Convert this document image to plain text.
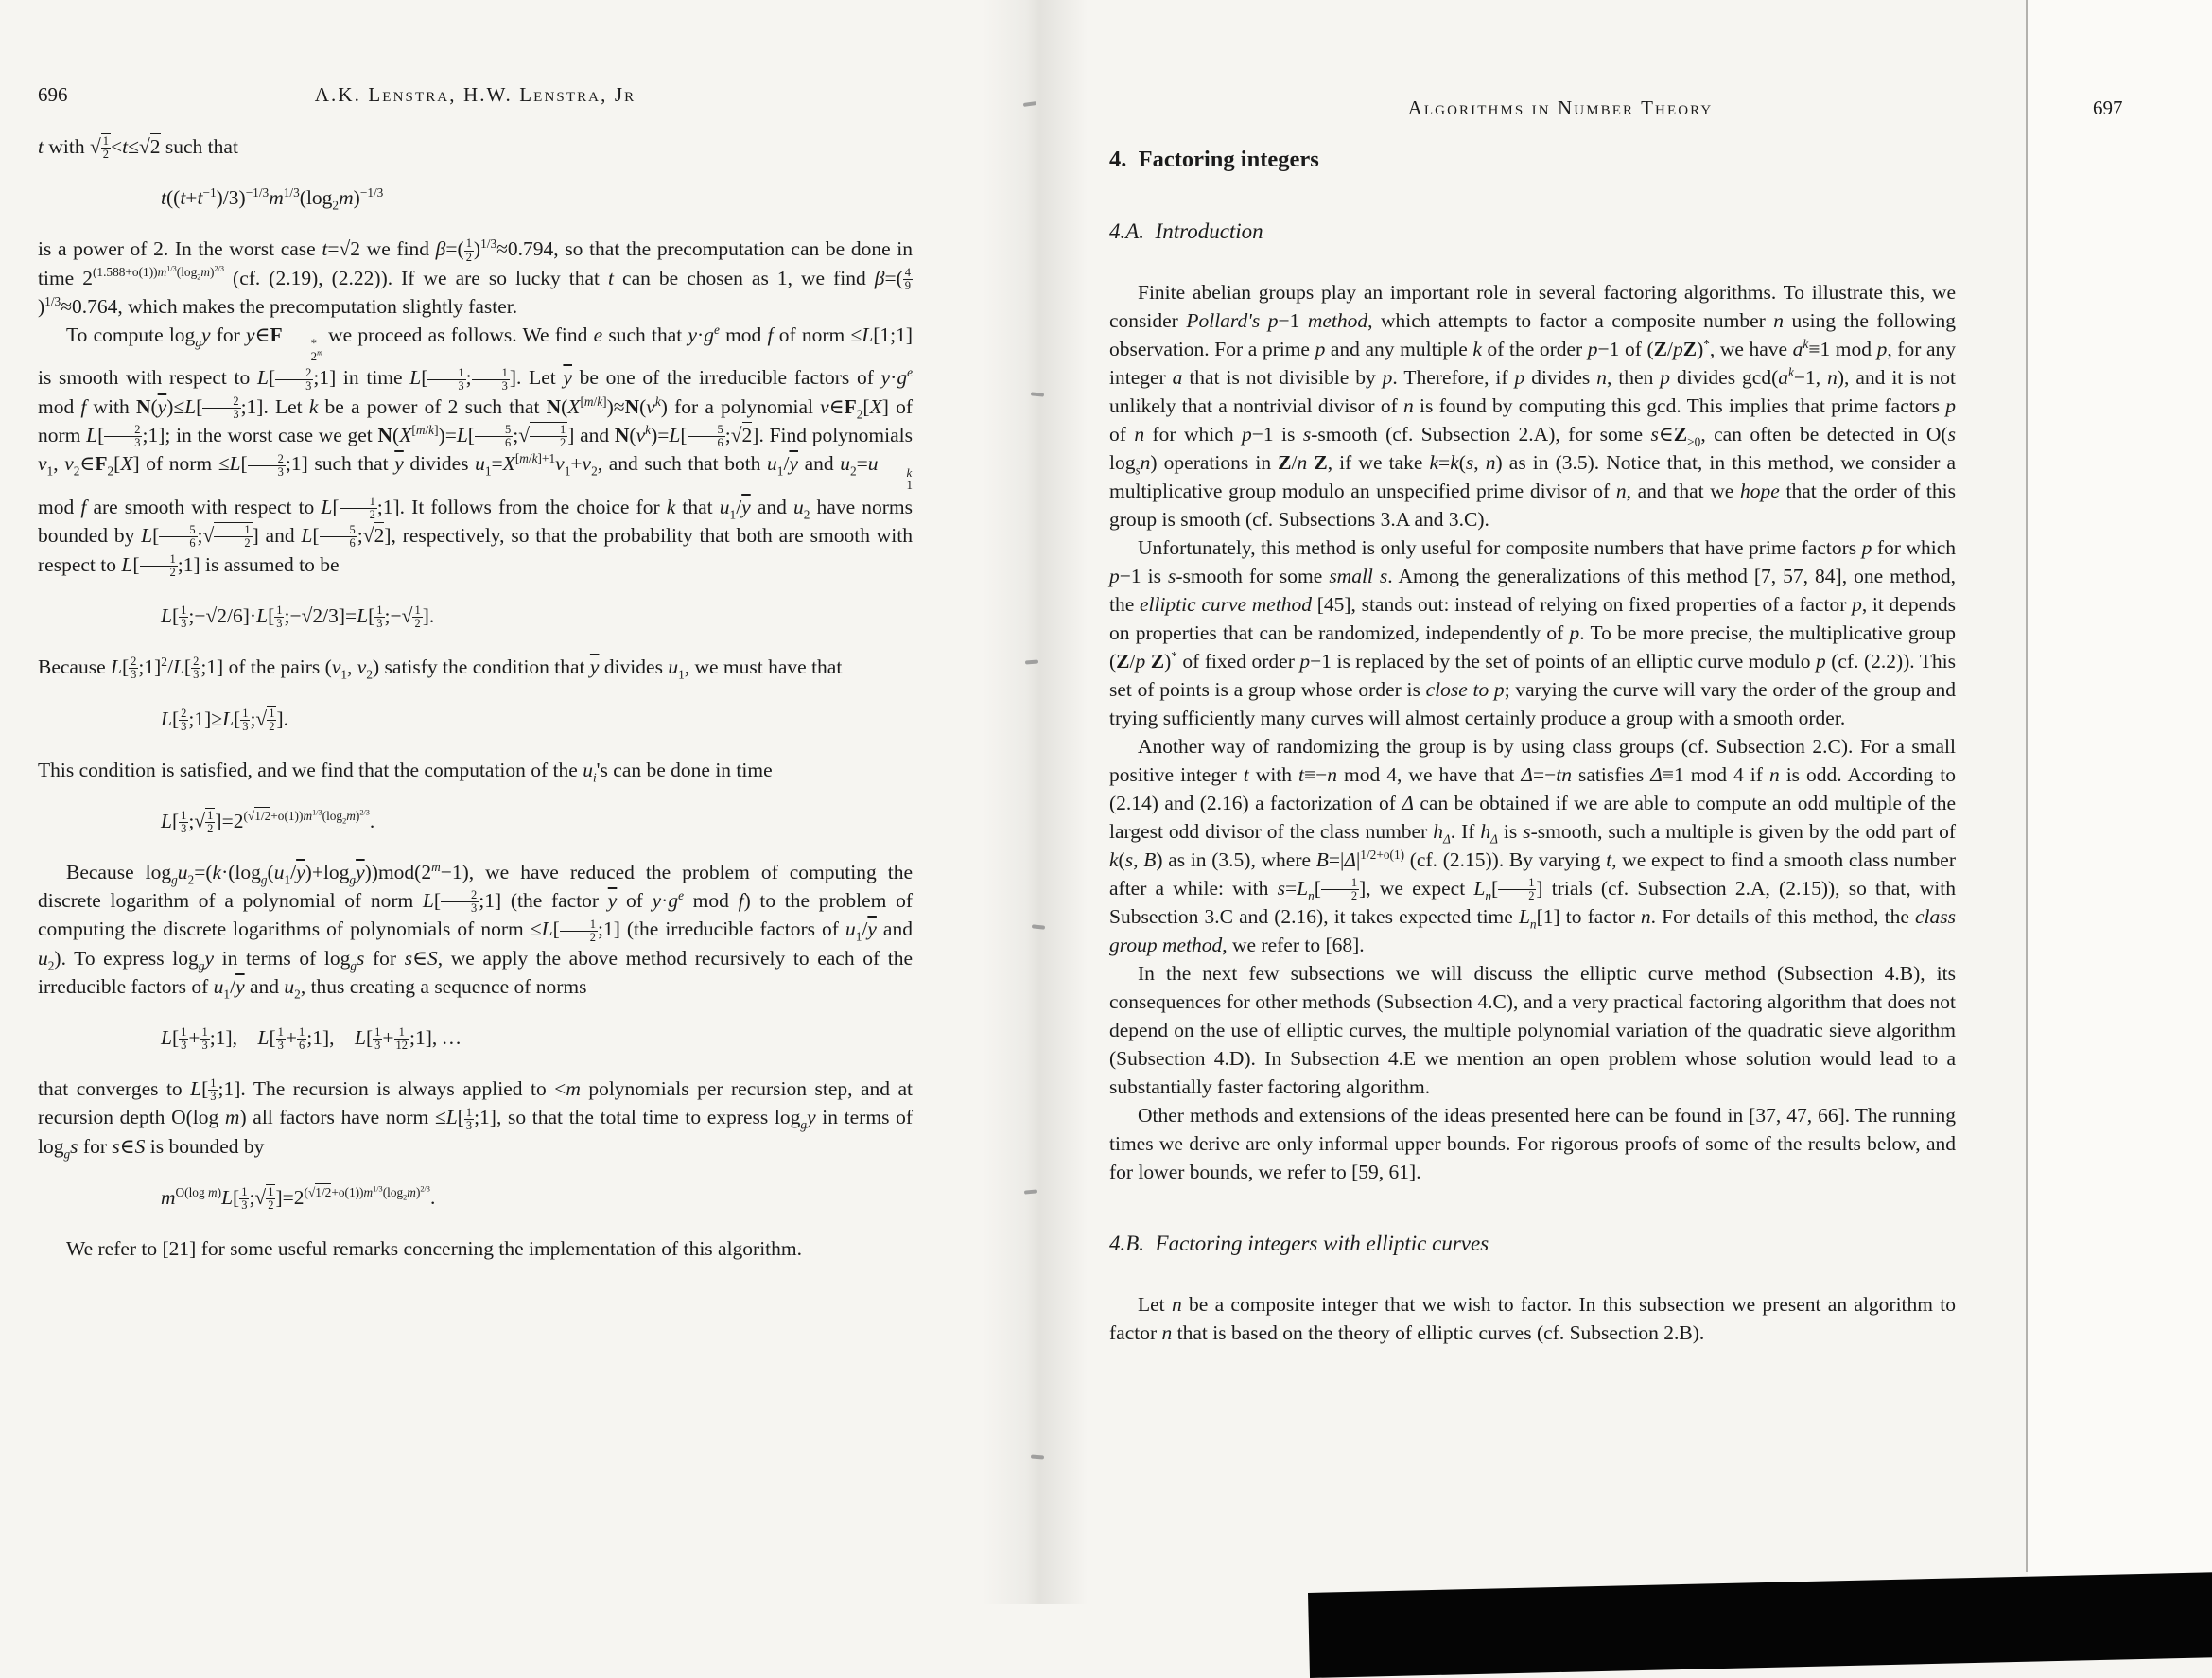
696	A.K. Lenstra, H.W. Lenstra, Jr
t with √ $\frac{1}{2} <t\le√2$ such that
$t((t+t^{-1})/3)^{-1/3}m^{1/3}(\log_2m)^{-1/3}$
is a power of 2. In the worst case t=√2 we find $\beta=( \frac{1}{2} )^{1/3}\approx 0.794$, so that the precomputation can be done in time $2^{(1.588+o(1))m^{1/3}(log_2m)^{2/3}}$ (cf. (2.19), (2.22)). If we are so lucky that t can be chosen as 1, we find $\beta=( \frac{4}{9}$
)$^{1/3}$≈0.764, which makes the precomputation slightly faster.
To compute $\log_gy$ for y∈F	*
2$^m$
we proceed as follows. We find e such that $y\cdot g^e$ mod f of norm ≤L[1;1] is smooth with respect to $L[ \frac{2}{3}$ ;1] in time $L[ \frac{1}{3}$ ; $\frac{1}{3}$ ]. Let $\overline{y}$ be one of the irreducible factors of $y\cdot g^e$ mod f with $N(\overline{y})\le L[ \frac{2}{3}$ ;1]. Let k be a power of 2 such that $N(X[m/k])\approx N(v^k)$ for a polynomial $v\in F_2[X]$ of norm $L[ \frac{2}{3}$ ;1]; in the worst case we get $N(X[m/k])=L[ \frac{5}{6}$ ;√ $\frac{1}{2}$ ] and $N(v^k)=L[ \frac{5}{6}$ ;√2]. Find polynomials $v_1$, $v_2\in F_2[X]$ of norm $\le L[ \frac{2}{3}$ ;1] such that $\overline{y}$ divides $u_1=X^{[m/k]+1}v_1+v_2$, and such that both $u_1/\overline{y}$ and $u_2=u$	k
1
mod f are smooth with respect to $L[ \frac{1}{2}$ ;1]. It follows from the choice for k that $u_1/\overline{y}$ and $u_2$ have norms bounded by $L[ \frac{5}{6}$ ;√ $\frac{1}{2}$ ] and $L[ \frac{5}{6}$ ;√2], respectively, so that the probability that both are smooth with respect to $L[ \frac{1}{2}$ ;1] is assumed to be
$L[ \frac{1}{3}$ ;−√2/6]·L[ $\frac{1}{3}$ ;−√2/3]=L[ $\frac{1}{3}$ ;−√ $\frac{1}{2}$ ].
Because $L[ \frac{2}{3}$ ;1]$^2$/L[ $\frac{2}{3}$ ;1] of the pairs ($v_1$, $v_2$) satisfy the condition that $\overline{y}$ divides $u_1$, we must have that
$L[ \frac{2}{3}$ ;1]≥L[ $\frac{1}{3}$ ;√ $\frac{1}{2}$ ].
This condition is satisfied, and we find that the computation of the $u_i's$ can be done in time
$L[ \frac{1}{3}$ ;√ $\frac{1}{2} ]=2^{(√1/2+o(1))m^{1/3}(log_2m)^{2/3}}$.
Because $\log_gu_2=(k\cdot(\log_g(u_1/\overline{y})+\log_g\overline{y}))mod(2^m-1)$, we have reduced the problem of computing the discrete logarithm of a polynomial of norm $L[ \frac{2}{3}$ ;1] (the factor $\overline{y}$ of $y\cdot g^e$ mod f) to the problem of computing the discrete logarithms of polynomials of norm $\le L[ \frac{1}{2}$ ;1] (the irreducible factors of $u_1/\overline{y}$ and $u_2$). To express $\log_gy$ in terms of $\log_gs$ for s∈S, we apply the above method recursively to each of the irreducible factors of $u_1/\overline{y}$ and $u_2$, thus creating a sequence of norms
$L[ \frac{1}{3} + \frac{1}{3}$ ;1],  $L[ \frac{1}{3} + \frac{1}{6}$ ;1],  $L[ \frac{1}{3} + \frac{1}{12}$ ;1], …
that converges to $L[ \frac{1}{3}$ ;1]. The recursion is always applied to <m polynomials per recursion step, and at recursion depth O(log m) all factors have norm $\le L[ \frac{1}{3}$ ;1], so that the total time to express $\log_gy$ in terms of $\log_gs$ for s∈S is bounded by
$m^{O(log m)}L[ \frac{1}{3}$ ;√ $\frac{1}{2} ]=2^{(√1/2+o(1))m^{1/3}(log_2m)^{2/3}}$.
We refer to [21] for some useful remarks concerning the implementation of this algorithm.
Algorithms in Number Theory	697
4.  Factoring integers
4.A.  Introduction
Finite abelian groups play an important role in several factoring algorithms. To illustrate this, we consider Pollard's p−1 method, which attempts to factor a composite number n using the following observation. For a prime p and any multiple k of the order p−1 of (Z/pZ)*, we have $a^k\equiv 1$ mod p, for any integer a that is not divisible by p. Therefore, if p divides n, then p divides $\gcd(a^k-1$, n), and it is not unlikely that a nontrivial divisor of n is found by computing this gcd. This implies that prime factors p of n for which p−1 is s-smooth (cf. Subsection 2.A), for some $s\in Z_{>0}$, can often be detected in O(s $\log_sn$) operations in Z/n Z, if we take k=k(s, n) as in (3.5). Notice that, in this method, we consider a multiplicative group modulo an unspecified prime divisor of n, and that we hope that the order of this group is smooth (cf. Subsections 3.A and 3.C).
Unfortunately, this method is only useful for composite numbers that have prime factors p for which p−1 is s-smooth for some small s. Among the generalizations of this method [7, 57, 84], one method, the elliptic curve method [45], stands out: instead of relying on fixed properties of a factor p, it depends on properties that can be randomized, independently of p. To be more precise, the multiplicative group (Z/p Z)* of fixed order p−1 is replaced by the set of points of an elliptic curve modulo p (cf. (2.2)). This set of points is a group whose order is close to p; varying the curve will vary the order of the group and trying sufficiently many curves will almost certainly produce a group with a smooth order.
Another way of randomizing the group is by using class groups (cf. Subsection 2.C). For a small positive integer t with t≡−n mod 4, we have that Δ=−tn satisfies Δ≡1 mod 4 if n is odd. According to (2.14) and (2.16) a factorization of Δ can be obtained if we are able to compute an odd multiple of the largest odd divisor of the class number $h_\Delta$. If $h_\Delta$ is s-smooth, such a multiple is given by the odd part of k(s, B) as in (3.5), where $B=|\Delta|^{1/2+o(1)}$ (cf. (2.15)). By varying t, we expect to find a smooth class number after a while: with $s=L_n[ \frac{1}{2}$ ], we expect $L_n[ \frac{1}{2}$ ] trials (cf. Subsection 2.A, (2.15)), so that, with Subsection 3.C and (2.16), it takes expected time $L_n[1]$ to factor n. For details of this method, the class group method, we refer to [68].
In the next few subsections we will discuss the elliptic curve method (Subsection 4.B), its consequences for other methods (Subsection 4.C), and a very practical factoring algorithm that does not depend on the use of elliptic curves, the multiple polynomial variation of the quadratic sieve algorithm (Subsection 4.D). In Subsection 4.E we mention an open problem whose solution would lead to a substantially faster factoring algorithm.
Other methods and extensions of the ideas presented here can be found in [37, 47, 66]. The running times we derive are only informal upper bounds. For rigorous proofs of some of the results below, and for lower bounds, we refer to [59, 61].
4.B.  Factoring integers with elliptic curves
Let n be a composite integer that we wish to factor. In this subsection we present an algorithm to factor n that is based on the theory of elliptic curves (cf. Subsection 2.B).
